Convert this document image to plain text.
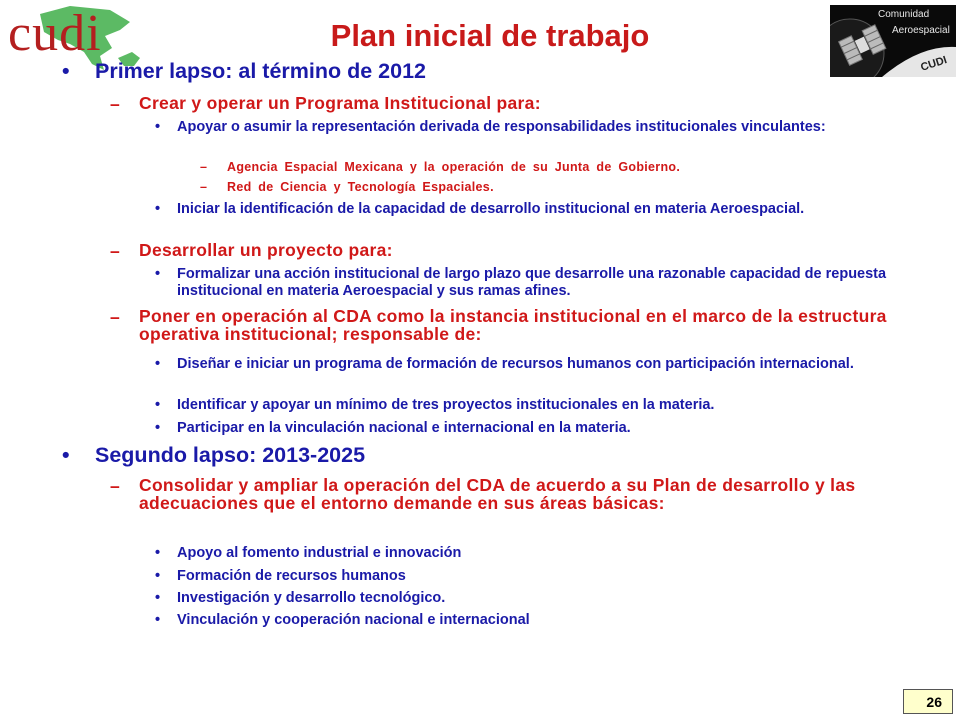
cudi
CUDI
Comunidad
Aeroespacial
Plan inicial de trabajo
•	Primer lapso: al término de 2012
–	Crear y operar un Programa Institucional para:
•	Apoyar o asumir la representación derivada de responsabilidades institucionales vinculantes:
–	Agencia Espacial Mexicana y la operación de su Junta de Gobierno.
–	Red de Ciencia y Tecnología Espaciales.
•	Iniciar la identificación de la capacidad de desarrollo institucional en materia Aeroespacial.
–	Desarrollar un proyecto para:
•	Formalizar una acción institucional de largo plazo que desarrolle una razonable capacidad de repuesta institucional en materia Aeroespacial y sus ramas afines.
–	Poner en operación al CDA como la instancia institucional en el marco de la estructura operativa institucional; responsable de:
•	Diseñar e iniciar un programa de formación de recursos humanos con participación internacional.
•	Identificar y apoyar un mínimo de tres proyectos institucionales en la materia.
•	Participar en la vinculación nacional e internacional en la materia.
•	Segundo lapso: 2013-2025
–	Consolidar y ampliar la operación del CDA de acuerdo a su Plan de desarrollo y las adecuaciones que el entorno demande en sus áreas básicas:
•	Apoyo al fomento industrial e innovación
•	Formación de recursos humanos
•	Investigación y desarrollo tecnológico.
•	Vinculación y cooperación nacional e internacional
26
